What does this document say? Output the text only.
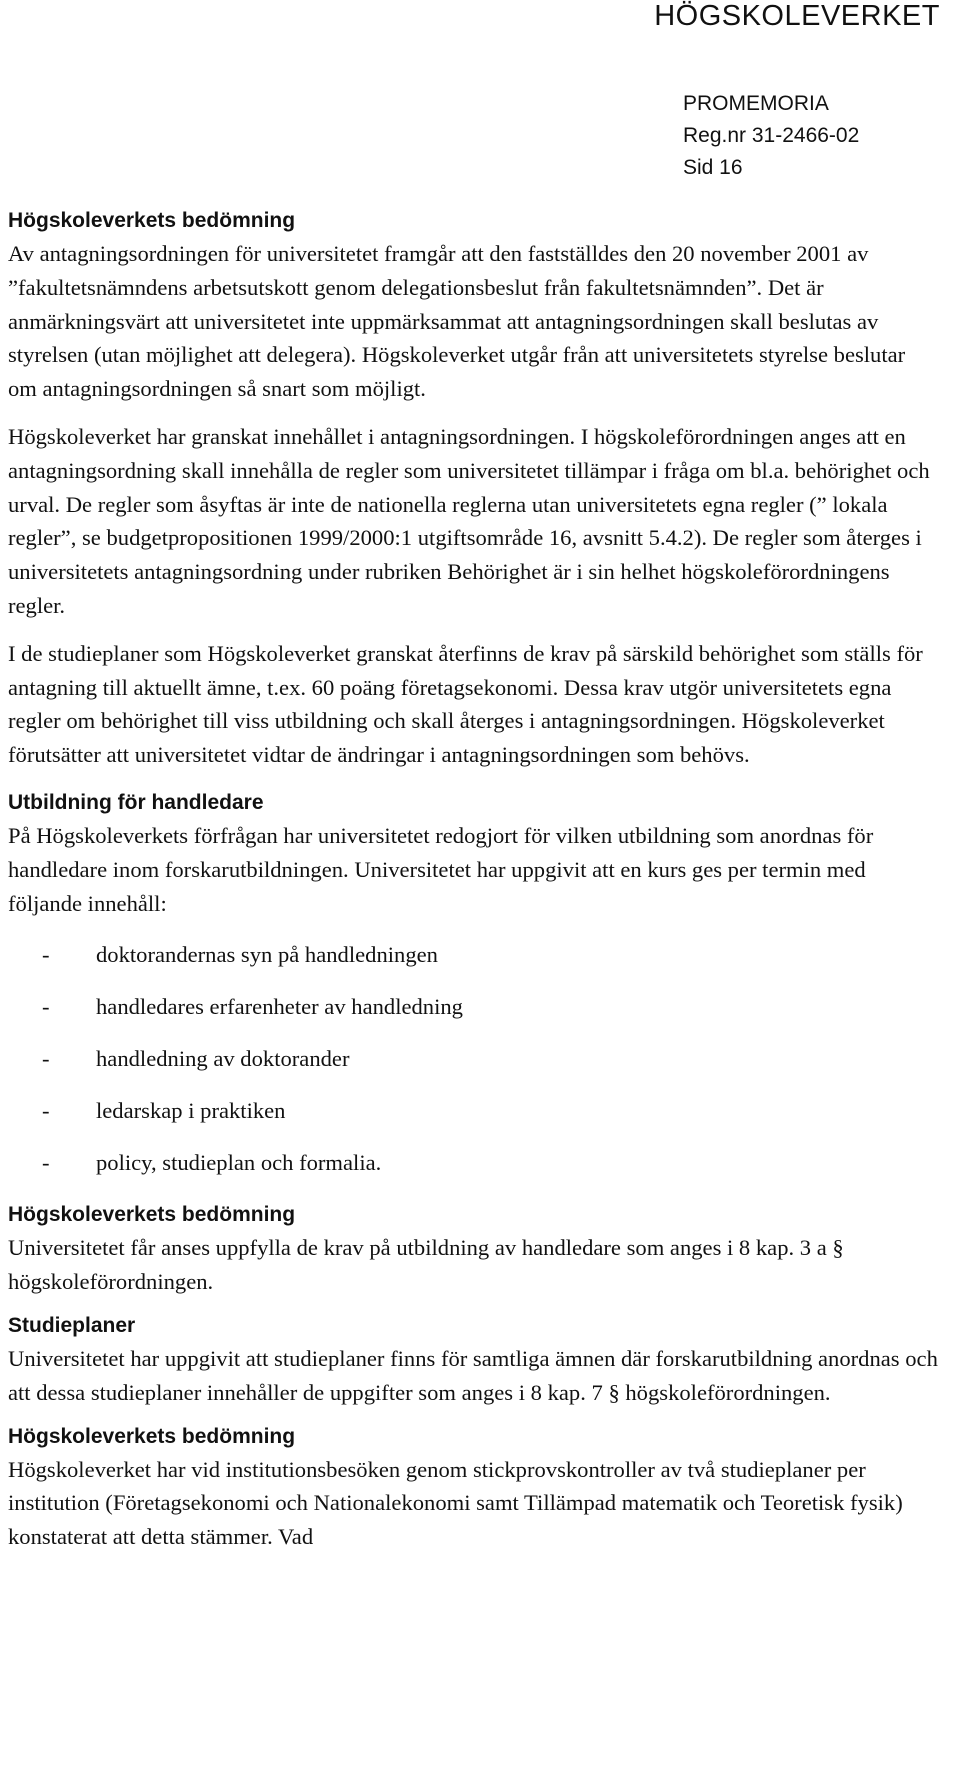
HÖGSKOLEVERKET
PROMEMORIA
Reg.nr 31-2466-02
Sid 16
Högskoleverkets bedömning

Av antagningsordningen för universitetet framgår att den fastställdes den 20 november 2001 av ”fakultetsnämndens arbetsutskott genom delegationsbeslut från fakultetsnämnden”. Det är anmärkningsvärt att universitetet inte uppmärksammat att antagningsordningen skall beslutas av styrelsen (utan möjlighet att delegera). Högskoleverket utgår från att universitetets styrelse beslutar om antagningsordningen så snart som möjligt.

Högskoleverket har granskat innehållet i antagningsordningen. I högskoleförordningen anges att en antagningsordning skall innehålla de regler som universitetet tillämpar i fråga om bl.a. behörighet och urval. De regler som åsyftas är inte de nationella reglerna utan universitetets egna regler (” lokala regler”, se budgetpropositionen 1999/2000:1 utgiftsområde 16, avsnitt 5.4.2). De regler som återges i universitetets antagningsordning under rubriken Behörighet är i sin helhet högskoleförordningens regler.

I de studieplaner som Högskoleverket granskat återfinns de krav på särskild behörighet som ställs för antagning till aktuellt ämne, t.ex. 60 poäng företagsekonomi. Dessa krav utgör universitetets egna regler om behörighet till viss utbildning och skall återges i antagningsordningen. Högskoleverket förutsätter att universitetet vidtar de ändringar i antagningsordningen som behövs.

Utbildning för handledare

På Högskoleverkets förfrågan har universitetet redogjort för vilken utbildning som anordnas för handledare inom forskarutbildningen. Universitetet har uppgivit att en kurs ges per termin med följande innehåll:

- doktorandernas syn på handledningen
- handledares erfarenheter av handledning
- handledning av doktorander
- ledarskap i praktiken
- policy, studieplan och formalia.
Högskoleverkets bedömning

Universitetet får anses uppfylla de krav på utbildning av handledare som anges i 8 kap. 3 a § högskoleförordningen.

Studieplaner

Universitetet har uppgivit att studieplaner finns för samtliga ämnen där forskarutbildning anordnas och att dessa studieplaner innehåller de uppgifter som anges i 8 kap. 7 § högskoleförordningen.

Högskoleverkets bedömning

Högskoleverket har vid institutionsbesöken genom stickprovskontroller av två studieplaner per institution (Företagsekonomi och Nationalekonomi samt Tillämpad matematik och Teoretisk fysik) konstaterat att detta stämmer. Vad
